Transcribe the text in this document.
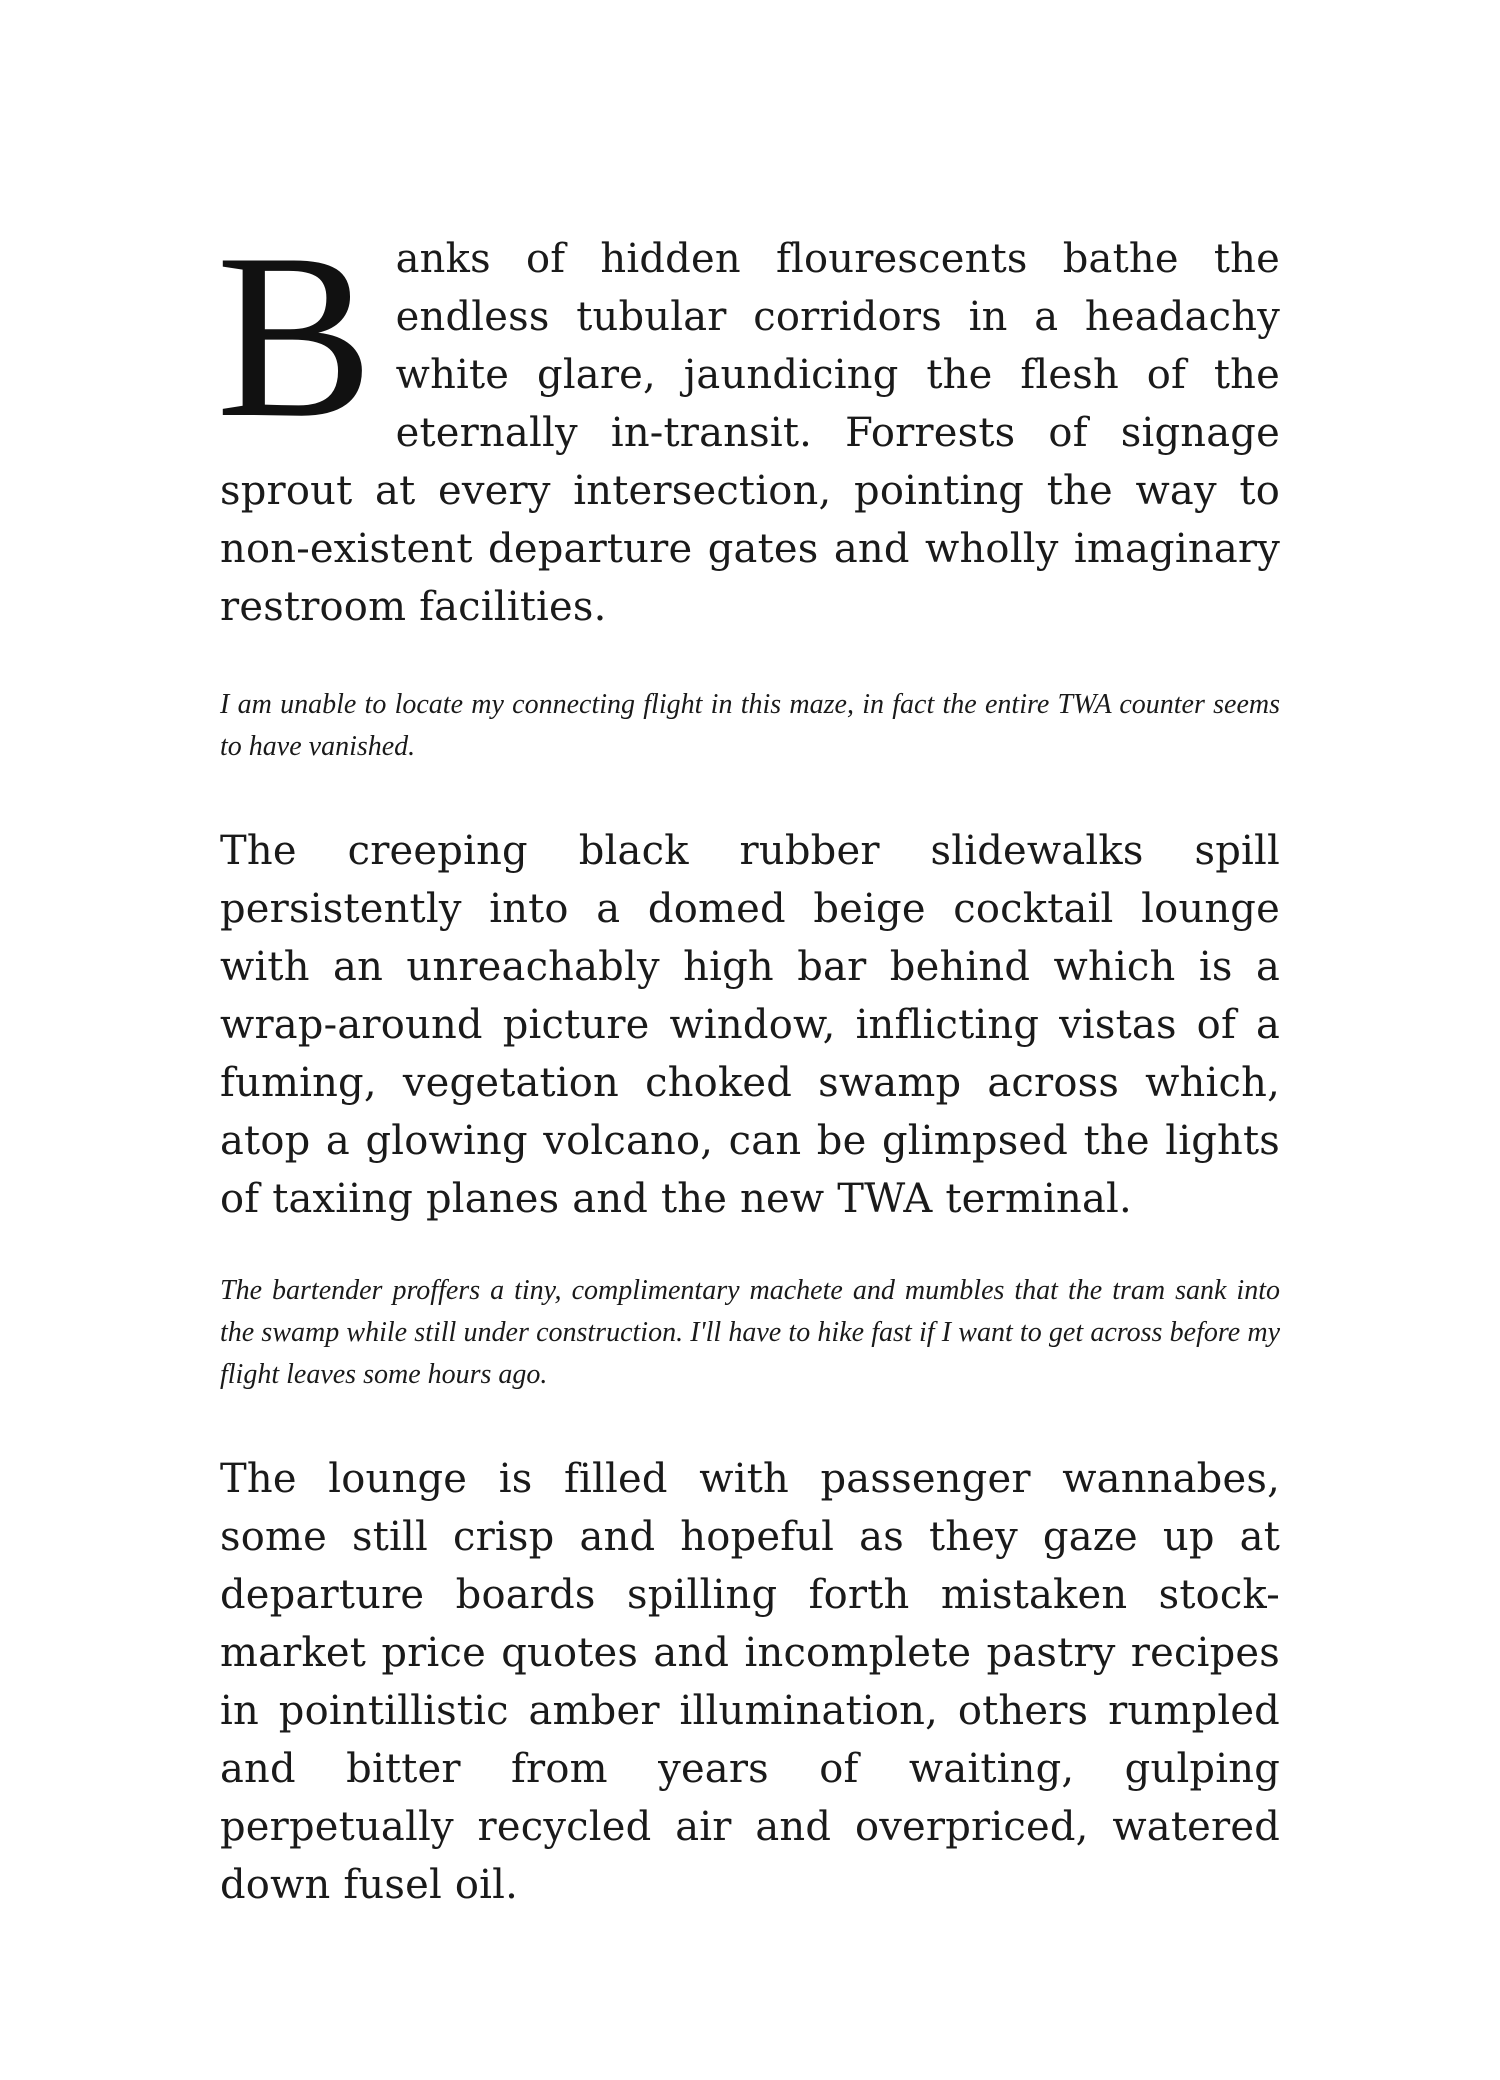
Banks of hidden flourescents bathe the endless tubular corridors in a headachy white glare, jaundicing the flesh of the eternally in-transit. Forrests of signage sprout at every intersection, pointing the way to non-existent departure gates and wholly imaginary restroom facilities.

I am unable to locate my connecting flight in this maze, in fact the entire TWA counter seems to have vanished.

The creeping black rubber slidewalks spill persistently into a domed beige cocktail lounge with an unreachably high bar behind which is a wrap-around picture window, inflicting vistas of a fuming, vegetation choked swamp across which, atop a glowing volcano, can be glimpsed the lights of taxiing planes and the new TWA terminal.

The bartender proffers a tiny, complimentary machete and mumbles that the tram sank into the swamp while still under construction. I'll have to hike fast if I want to get across before my flight leaves some hours ago.

The lounge is filled with passenger wannabes, some still crisp and hopeful as they gaze up at departure boards spilling forth mistaken stock-market price quotes and incomplete pastry recipes in pointillistic amber illumination, others rumpled and bitter from years of waiting, gulping perpetually recycled air and overpriced, watered down fusel oil.
